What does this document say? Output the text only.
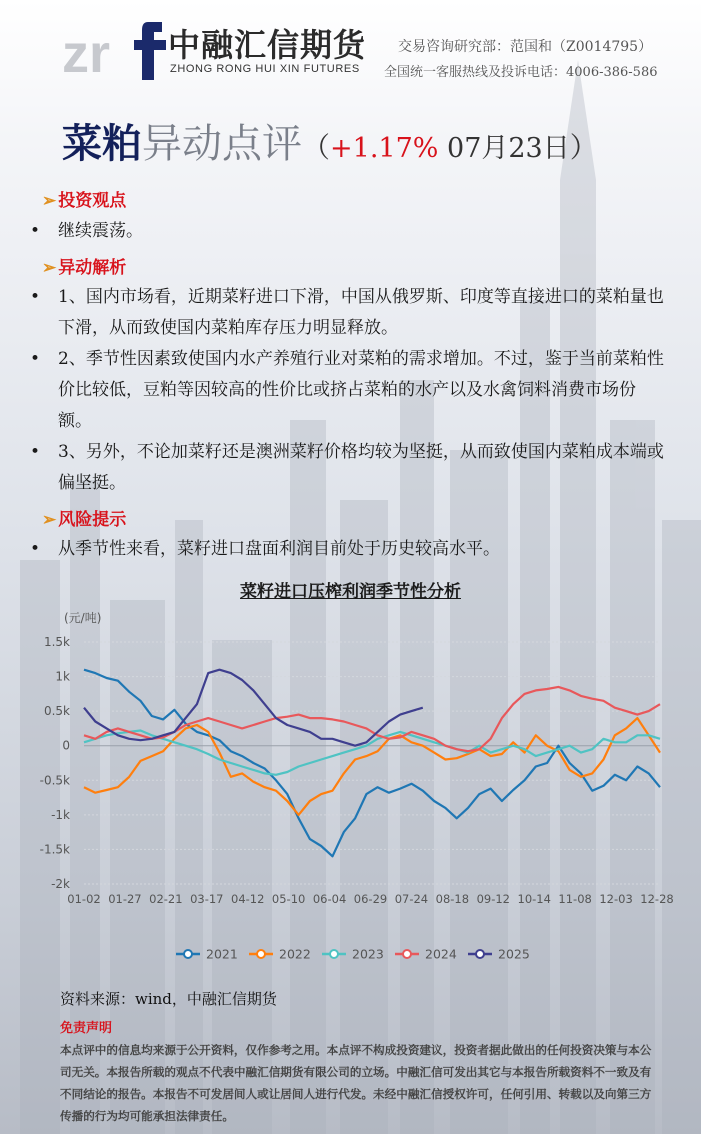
zr 中融汇信期货
ZHONG RONG HUI XIN FUTURES
交易咨询研究部：范国和（Z0014795）
全国统一客服热线及投诉电话：4006-386-586
菜粕异动点评（+1.17% 07月23日）
➢ 投资观点
• 继续震荡。
➢ 异动解析
• 1、国内市场看，近期菜籽进口下滑，中国从俄罗斯、印度等直接进口的菜粕量也下滑，从而致使国内菜粕库存压力明显释放。
• 2、季节性因素致使国内水产养殖行业对菜粕的需求增加。不过，鉴于当前菜粕性价比较低，豆粕等因较高的性价比或挤占菜粕的水产以及水禽饲料消费市场份额。
• 3、另外，不论加菜籽还是澳洲菜籽价格均较为坚挺，从而致使国内菜粕成本端或偏坚挺。
➢ 风险提示
• 从季节性来看，菜籽进口盘面利润目前处于历史较高水平。
菜籽进口压榨利润季节性分析
(元/吨)
-2k
-1.5k
-1k
-0.5k
0
0.5k
1k
1.5k
01-02 01-27 02-21 03-17 04-12 05-10 06-04 06-29 07-24 08-18 09-12 10-14 11-08 12-03 12-28
2021	2022	2023	2024	2025
资料来源：wind，中融汇信期货
免责声明
本点评中的信息均来源于公开资料，仅作参考之用。本点评不构成投资建议，投资者据此做出的任何投资决策与本公司无关。本报告所载的观点不代表中融汇信期货有限公司的立场。中融汇信可发出其它与本报告所载资料不一致及有不同结论的报告。本报告不可发居间人或让居间人进行代发。未经中融汇信授权许可，任何引用、转载以及向第三方传播的行为均可能承担法律责任。
